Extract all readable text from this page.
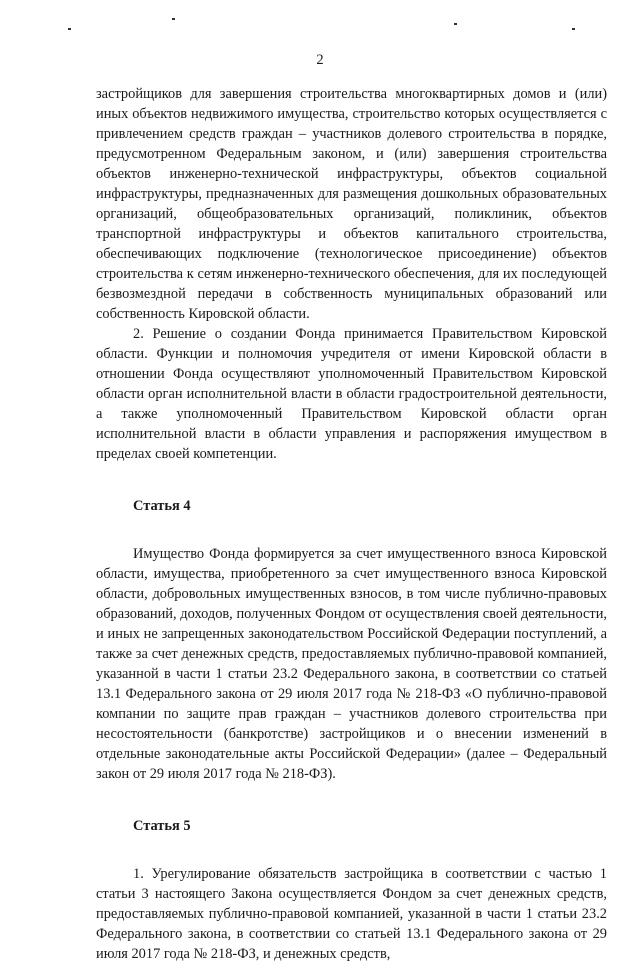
2

застройщиков для завершения строительства многоквартирных домов и (или) иных объектов недвижимого имущества, строительство которых осуществляется с привлечением средств граждан – участников долевого строительства в порядке, предусмотренном Федеральным законом, и (или) завершения строительства объектов инженерно-технической инфраструктуры, объектов социальной инфраструктуры, предназначенных для размещения дошкольных образовательных организаций, общеобразовательных организаций, поликлиник, объектов транспортной инфраструктуры и объектов капитального строительства, обеспечивающих подключение (технологическое присоединение) объектов строительства к сетям инженерно-технического обеспечения, для их последующей безвозмездной передачи в собственность муниципальных образований или собственность Кировской области.

2. Решение о создании Фонда принимается Правительством Кировской области. Функции и полномочия учредителя от имени Кировской области в отношении Фонда осуществляют уполномоченный Правительством Кировской области орган исполнительной власти в области градостроительной деятельности, а также уполномоченный Правительством Кировской области орган исполнительной власти в области управления и распоряжения имуществом в пределах своей компетенции.

Статья 4

Имущество Фонда формируется за счет имущественного взноса Кировской области, имущества, приобретенного за счет имущественного взноса Кировской области, добровольных имущественных взносов, в том числе публично-правовых образований, доходов, полученных Фондом от осуществления своей деятельности, и иных не запрещенных законодательством Российской Федерации поступлений, а также за счет денежных средств, предоставляемых публично-правовой компанией, указанной в части 1 статьи 23.2 Федерального закона, в соответствии со статьей 13.1 Федерального закона от 29 июля 2017 года № 218-ФЗ «О публично-правовой компании по защите прав граждан – участников долевого строительства при несостоятельности (банкротстве) застройщиков и о внесении изменений в отдельные законодательные акты Российской Федерации» (далее – Федеральный закон от 29 июля 2017 года № 218-ФЗ).

Статья 5

1. Урегулирование обязательств застройщика в соответствии с частью 1 статьи 3 настоящего Закона осуществляется Фондом за счет денежных средств, предоставляемых публично-правовой компанией, указанной в части 1 статьи 23.2 Федерального закона, в соответствии со статьей 13.1 Федерального закона от 29 июля 2017 года № 218-ФЗ, и денежных средств,
